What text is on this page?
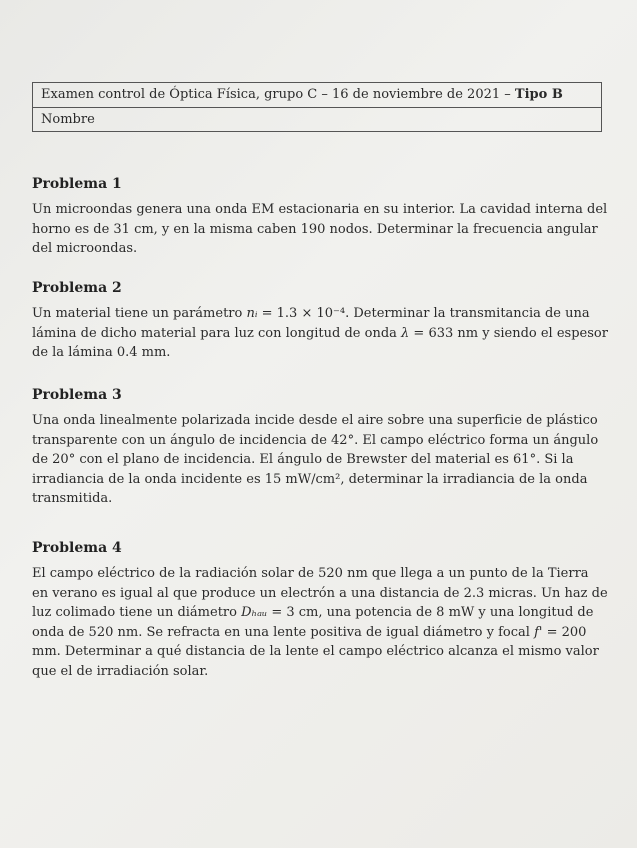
Examen control de Óptica Física, grupo C – 16 de noviembre de 2021 – Tipo B
Nombre
Problema 1

Un microondas genera una onda EM estacionaria en su interior. La cavidad interna del horno es de 31 cm, y en la misma caben 190 nodos. Determinar la frecuencia angular del microondas.

Problema 2

Un material tiene un parámetro nᵢ = 1.3 × 10⁻⁴. Determinar la transmitancia de una lámina de dicho material para luz con longitud de onda λ = 633 nm y siendo el espesor de la lámina 0.4 mm.

Problema 3

Una onda linealmente polarizada incide desde el aire sobre una superficie de plástico transparente con un ángulo de incidencia de 42°. El campo eléctrico forma un ángulo de 20° con el plano de incidencia. El ángulo de Brewster del material es 61°. Si la irradiancia de la onda incidente es 15 mW/cm², determinar la irradiancia de la onda transmitida.

Problema 4

El campo eléctrico de la radiación solar de 520 nm que llega a un punto de la Tierra en verano es igual al que produce un electrón a una distancia de 2.3 micras. Un haz de luz colimado tiene un diámetro Dₕₐᵤ = 3 cm, una potencia de 8 mW y una longitud de onda de 520 nm. Se refracta en una lente positiva de igual diámetro y focal f' = 200 mm. Determinar a qué distancia de la lente el campo eléctrico alcanza el mismo valor que el de irradiación solar.
